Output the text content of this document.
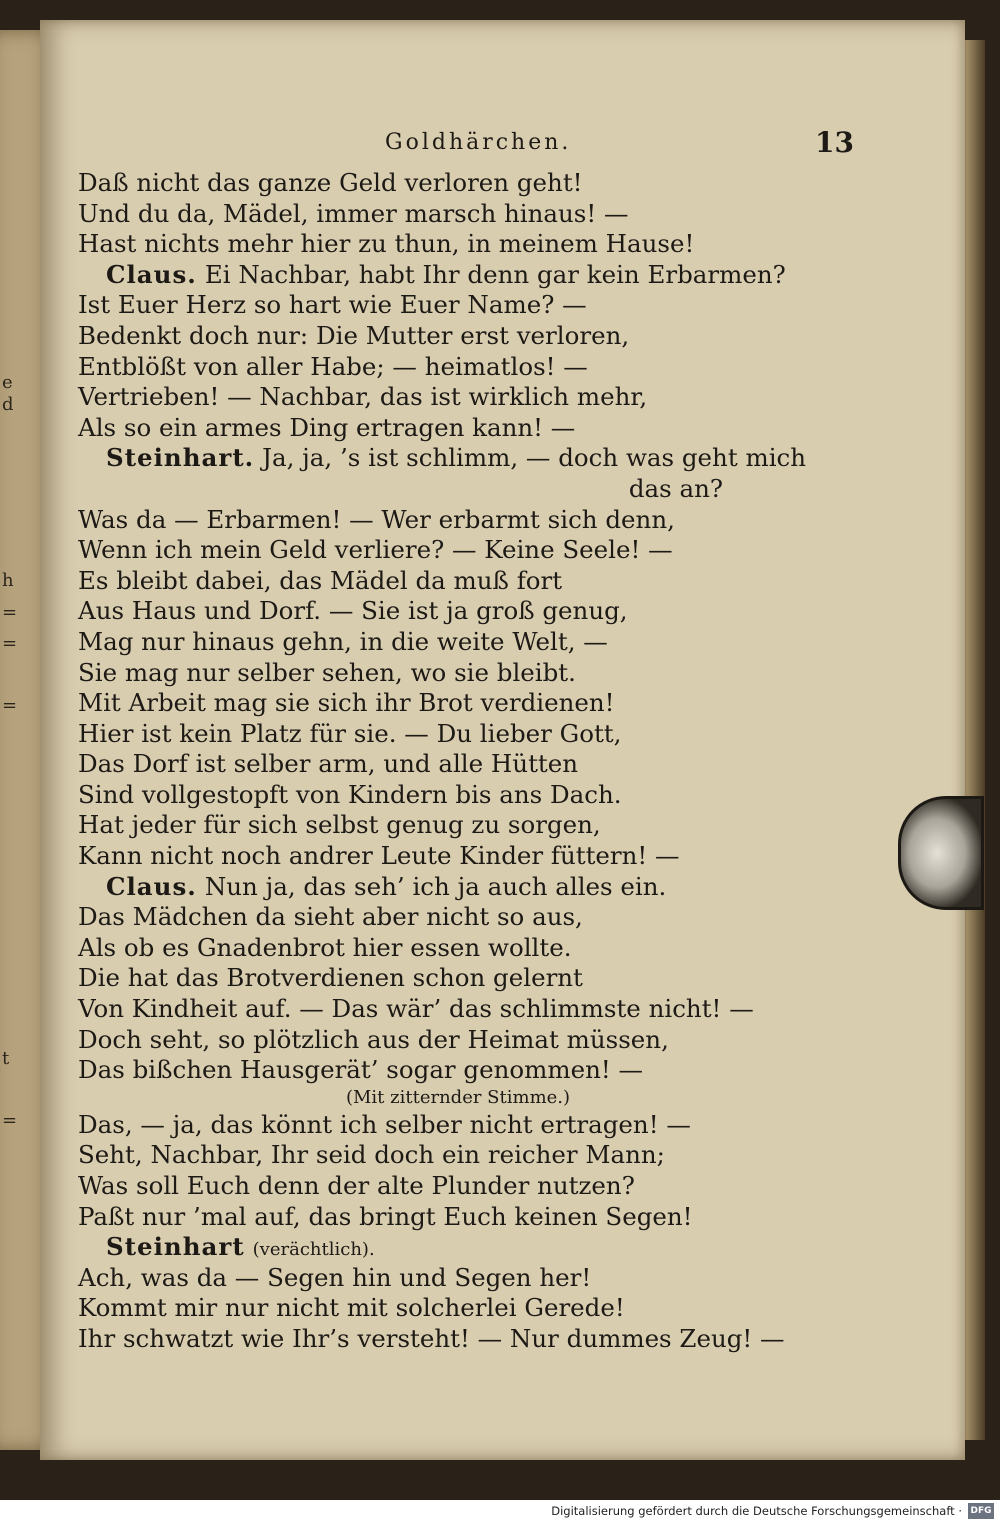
e
d
h
=
=
=
t
=
Goldhärchen.	13
Daß nicht das ganze Geld verloren geht!
Und du da, Mädel, immer marsch hinaus! —
Hast nichts mehr hier zu thun, in meinem Hause!
Claus. Ei Nachbar, habt Ihr denn gar kein Erbarmen?
Ist Euer Herz so hart wie Euer Name? —
Bedenkt doch nur: Die Mutter erst verloren,
Entblößt von aller Habe; — heimatlos! —
Vertrieben! — Nachbar, das ist wirklich mehr,
Als so ein armes Ding ertragen kann! —
Steinhart. Ja, ja, ’s ist schlimm, — doch was geht mich
das an?
Was da — Erbarmen! — Wer erbarmt sich denn,
Wenn ich mein Geld verliere? — Keine Seele! —
Es bleibt dabei, das Mädel da muß fort
Aus Haus und Dorf. — Sie ist ja groß genug,
Mag nur hinaus gehn, in die weite Welt, —
Sie mag nur selber sehen, wo sie bleibt.
Mit Arbeit mag sie sich ihr Brot verdienen!
Hier ist kein Platz für sie. — Du lieber Gott,
Das Dorf ist selber arm, und alle Hütten
Sind vollgestopft von Kindern bis ans Dach.
Hat jeder für sich selbst genug zu sorgen,
Kann nicht noch andrer Leute Kinder füttern! —
Claus. Nun ja, das seh’ ich ja auch alles ein.
Das Mädchen da sieht aber nicht so aus,
Als ob es Gnadenbrot hier essen wollte.
Die hat das Brotverdienen schon gelernt
Von Kindheit auf. — Das wär’ das schlimmste nicht! —
Doch seht, so plötzlich aus der Heimat müssen,
Das bißchen Hausgerät’ sogar genommen! —
(Mit zitternder Stimme.)
Das, — ja, das könnt ich selber nicht ertragen! —
Seht, Nachbar, Ihr seid doch ein reicher Mann;
Was soll Euch denn der alte Plunder nutzen?
Paßt nur ’mal auf, das bringt Euch keinen Segen!
Steinhart (verächtlich).
Ach, was da — Segen hin und Segen her!
Kommt mir nur nicht mit solcherlei Gerede!
Ihr schwatzt wie Ihr’s versteht! — Nur dummes Zeug! —
Digitalisierung gefördert durch die Deutsche Forschungsgemeinschaft · DFG
